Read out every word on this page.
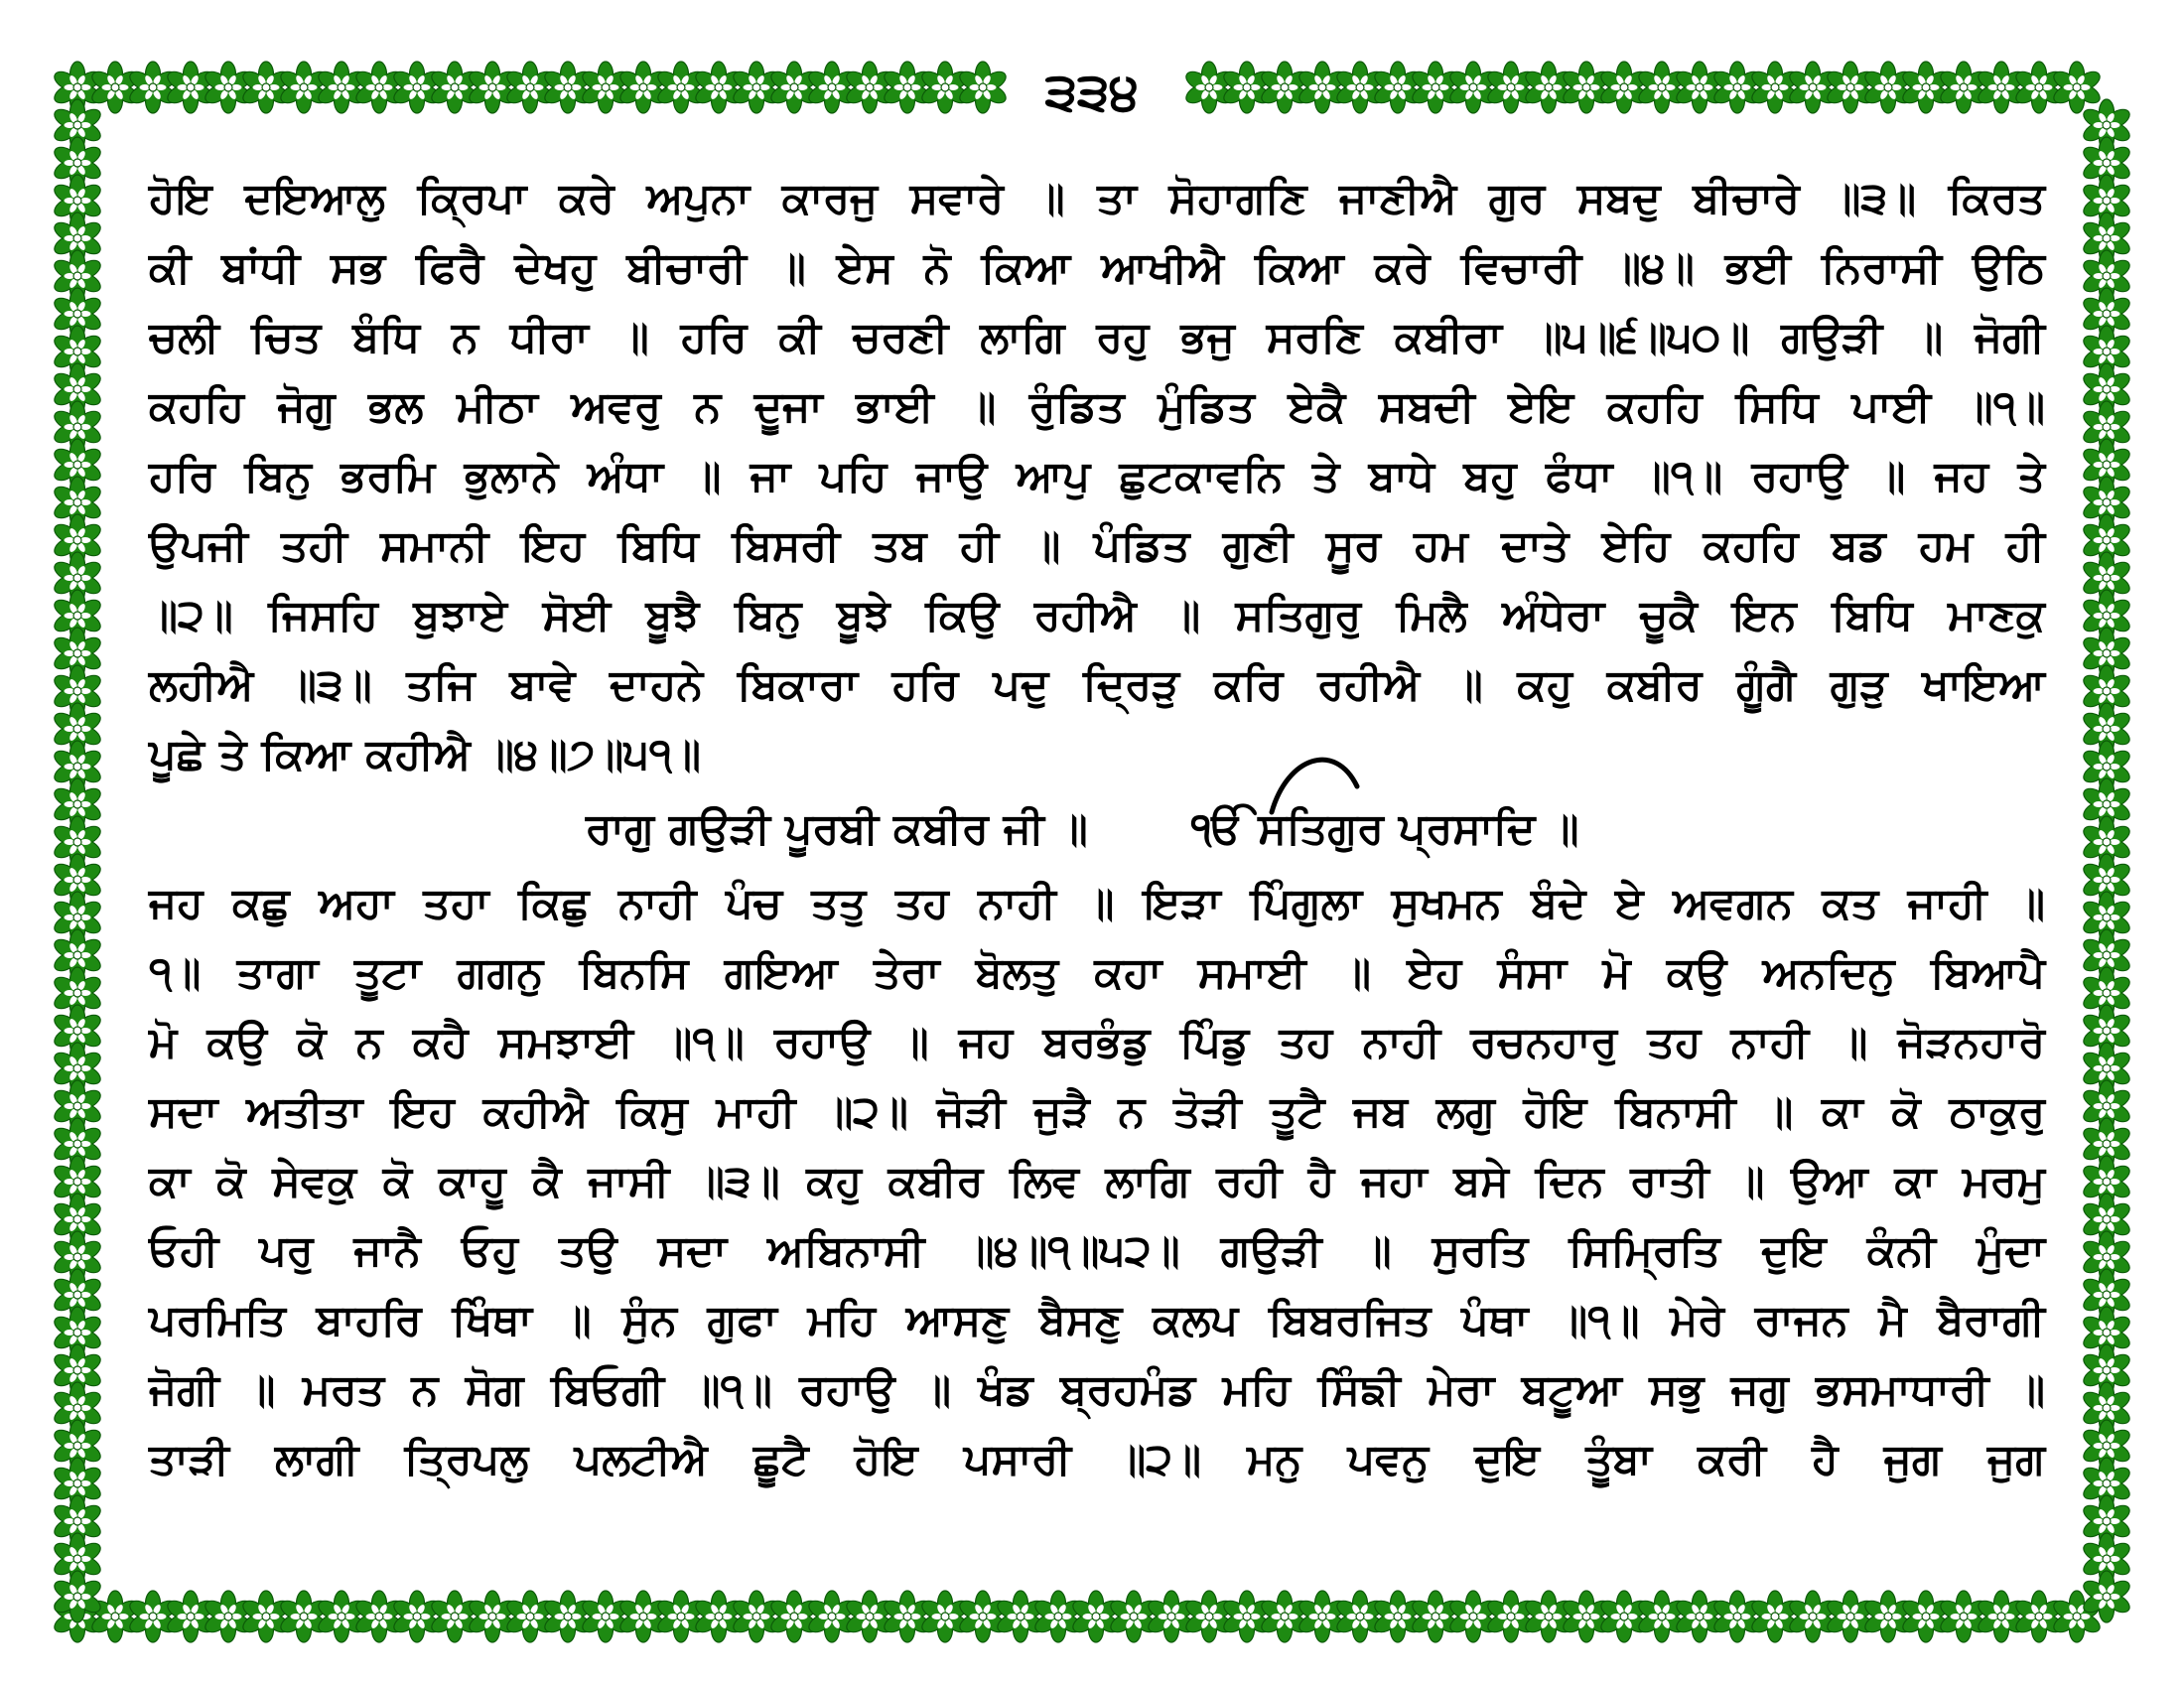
੩੩੪
ਹੋਇ ਦਇਆਲੁ ਕ੍ਰਿਪਾ ਕਰੇ ਅਪੁਨਾ ਕਾਰਜੁ ਸਵਾਰੇ ॥ ਤਾ ਸੋਹਾਗਣਿ ਜਾਣੀਐ ਗੁਰ ਸਬਦੁ ਬੀਚਾਰੇ ॥੩॥ ਕਿਰਤ
ਕੀ ਬਾਂਧੀ ਸਭ ਫਿਰੈ ਦੇਖਹੁ ਬੀਚਾਰੀ ॥ ਏਸ ਨੋ ਕਿਆ ਆਖੀਐ ਕਿਆ ਕਰੇ ਵਿਚਾਰੀ ॥੪॥ ਭਈ ਨਿਰਾਸੀ ਉਠਿ
ਚਲੀ ਚਿਤ ਬੰਧਿ ਨ ਧੀਰਾ ॥ ਹਰਿ ਕੀ ਚਰਣੀ ਲਾਗਿ ਰਹੁ ਭਜੁ ਸਰਣਿ ਕਬੀਰਾ ॥੫॥੬॥੫੦॥ ਗਉੜੀ ॥ ਜੋਗੀ
ਕਹਹਿ ਜੋਗੁ ਭਲ ਮੀਠਾ ਅਵਰੁ ਨ ਦੂਜਾ ਭਾਈ ॥ ਰੁੰਡਿਤ ਮੁੰਡਿਤ ਏਕੈ ਸਬਦੀ ਏਇ ਕਹਹਿ ਸਿਧਿ ਪਾਈ ॥੧॥
ਹਰਿ ਬਿਨੁ ਭਰਮਿ ਭੁਲਾਨੇ ਅੰਧਾ ॥ ਜਾ ਪਹਿ ਜਾਉ ਆਪੁ ਛੁਟਕਾਵਨਿ ਤੇ ਬਾਧੇ ਬਹੁ ਫੰਧਾ ॥੧॥ ਰਹਾਉ ॥ ਜਹ ਤੇ
ਉਪਜੀ ਤਹੀ ਸਮਾਨੀ ਇਹ ਬਿਧਿ ਬਿਸਰੀ ਤਬ ਹੀ ॥ ਪੰਡਿਤ ਗੁਣੀ ਸੂਰ ਹਮ ਦਾਤੇ ਏਹਿ ਕਹਹਿ ਬਡ ਹਮ ਹੀ
॥੨॥ ਜਿਸਹਿ ਬੁਝਾਏ ਸੋਈ ਬੂਝੈ ਬਿਨੁ ਬੂਝੇ ਕਿਉ ਰਹੀਐ ॥ ਸਤਿਗੁਰੁ ਮਿਲੈ ਅੰਧੇਰਾ ਚੂਕੈ ਇਨ ਬਿਧਿ ਮਾਣਕੁ
ਲਹੀਐ ॥੩॥ ਤਜਿ ਬਾਵੇ ਦਾਹਨੇ ਬਿਕਾਰਾ ਹਰਿ ਪਦੁ ਦ੍ਰਿੜੁ ਕਰਿ ਰਹੀਐ ॥ ਕਹੁ ਕਬੀਰ ਗੂੰਗੈ ਗੁੜੁ ਖਾਇਆ
ਪੂਛੇ ਤੇ ਕਿਆ ਕਹੀਐ ॥੪॥੭॥੫੧॥
ਰਾਗੁ ਗਉੜੀ ਪੂਰਬੀ ਕਬੀਰ ਜੀ ॥ ੴ ਸਤਿਗੁਰ ਪ੍ਰਸਾਦਿ ॥
ਜਹ ਕਛੁ ਅਹਾ ਤਹਾ ਕਿਛੁ ਨਾਹੀ ਪੰਚ ਤਤੁ ਤਹ ਨਾਹੀ ॥ ਇੜਾ ਪਿੰਗੁਲਾ ਸੁਖਮਨ ਬੰਦੇ ਏ ਅਵਗਨ ਕਤ ਜਾਹੀ ॥
੧॥ ਤਾਗਾ ਤੂਟਾ ਗਗਨੁ ਬਿਨਸਿ ਗਇਆ ਤੇਰਾ ਬੋਲਤੁ ਕਹਾ ਸਮਾਈ ॥ ਏਹ ਸੰਸਾ ਮੋ ਕਉ ਅਨਦਿਨੁ ਬਿਆਪੈ
ਮੋ ਕਉ ਕੋ ਨ ਕਹੈ ਸਮਝਾਈ ॥੧॥ ਰਹਾਉ ॥ ਜਹ ਬਰਭੰਡੁ ਪਿੰਡੁ ਤਹ ਨਾਹੀ ਰਚਨਹਾਰੁ ਤਹ ਨਾਹੀ ॥ ਜੋੜਨਹਾਰੋ
ਸਦਾ ਅਤੀਤਾ ਇਹ ਕਹੀਐ ਕਿਸੁ ਮਾਹੀ ॥੨॥ ਜੋੜੀ ਜੁੜੈ ਨ ਤੋੜੀ ਤੂਟੈ ਜਬ ਲਗੁ ਹੋਇ ਬਿਨਾਸੀ ॥ ਕਾ ਕੋ ਠਾਕੁਰੁ
ਕਾ ਕੋ ਸੇਵਕੁ ਕੋ ਕਾਹੂ ਕੈ ਜਾਸੀ ॥੩॥ ਕਹੁ ਕਬੀਰ ਲਿਵ ਲਾਗਿ ਰਹੀ ਹੈ ਜਹਾ ਬਸੇ ਦਿਨ ਰਾਤੀ ॥ ਉਆ ਕਾ ਮਰਮੁ
ਓਹੀ ਪਰੁ ਜਾਨੈ ਓਹੁ ਤਉ ਸਦਾ ਅਬਿਨਾਸੀ ॥੪॥੧॥੫੨॥ ਗਉੜੀ ॥ ਸੁਰਤਿ ਸਿਮ੍ਰਿਤਿ ਦੁਇ ਕੰਨੀ ਮੁੰਦਾ
ਪਰਮਿਤਿ ਬਾਹਰਿ ਖਿੰਥਾ ॥ ਸੁੰਨ ਗੁਫਾ ਮਹਿ ਆਸਣੁ ਬੈਸਣੁ ਕਲਪ ਬਿਬਰਜਿਤ ਪੰਥਾ ॥੧॥ ਮੇਰੇ ਰਾਜਨ ਮੈ ਬੈਰਾਗੀ
ਜੋਗੀ ॥ ਮਰਤ ਨ ਸੋਗ ਬਿਓਗੀ ॥੧॥ ਰਹਾਉ ॥ ਖੰਡ ਬ੍ਰਹਮੰਡ ਮਹਿ ਸਿੰਙੀ ਮੇਰਾ ਬਟੂਆ ਸਭੁ ਜਗੁ ਭਸਮਾਧਾਰੀ ॥
ਤਾੜੀ ਲਾਗੀ ਤ੍ਰਿਪਲੁ ਪਲਟੀਐ ਛੂਟੈ ਹੋਇ ਪਸਾਰੀ ॥੨॥ ਮਨੁ ਪਵਨੁ ਦੁਇ ਤੂੰਬਾ ਕਰੀ ਹੈ ਜੁਗ ਜੁਗ
